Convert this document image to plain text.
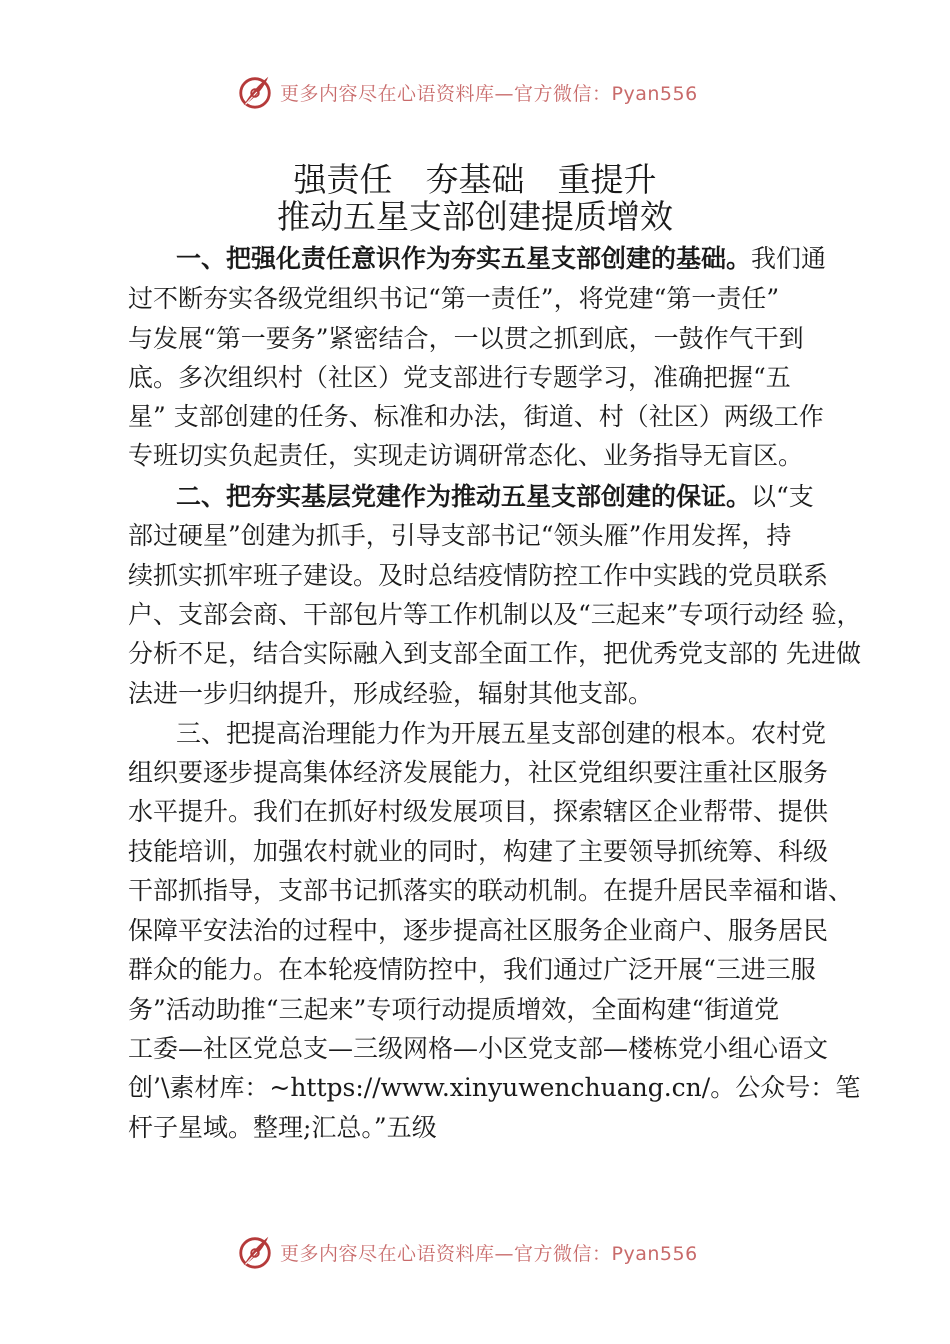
更多内容尽在心语资料库—官方微信：Pyan556
强责任　夯基础　重提升
推动五星支部创建提质增效

一、把强化责任意识作为夯实五星支部创建的基础。我们通

过不断夯实各级党组织书记“第一责任”，将党建“第一责任”

与发展“第一要务”紧密结合，一以贯之抓到底，一鼓作气干到

底。多次组织村（社区）党支部进行专题学习，准确把握“五

星” 支部创建的任务、标准和办法，街道、村（社区）两级工作

专班切实负起责任，实现走访调研常态化、业务指导无盲区。

二、把夯实基层党建作为推动五星支部创建的保证。以“支

部过硬星”创建为抓手，引导支部书记“领头雁”作用发挥，持

续抓实抓牢班子建设。及时总结疫情防控工作中实践的党员联系

户、支部会商、干部包片等工作机制以及“三起来”专项行动经 验，

分析不足，结合实际融入到支部全面工作，把优秀党支部的 先进做

法进一步归纳提升，形成经验，辐射其他支部。

三、把提高治理能力作为开展五星支部创建的根本。农村党

组织要逐步提高集体经济发展能力，社区党组织要注重社区服务

水平提升。我们在抓好村级发展项目，探索辖区企业帮带、提供

技能培训，加强农村就业的同时，构建了主要领导抓统筹、科级

干部抓指导，支部书记抓落实的联动机制。在提升居民幸福和谐、

保障平安法治的过程中，逐步提高社区服务企业商户、服务居民

群众的能力。在本轮疫情防控中，我们通过广泛开展“三进三服

务”活动助推“三起来”专项行动提质增效，全面构建“街道党

工委—社区党总支—三级网格—小区党支部—楼栋党小组心语文

创’\素材库：~https://www.xinyuwenchuang.cn/。公众号：笔

杆子星域。整理;汇总。”五级

更多内容尽在心语资料库—官方微信：Pyan556
